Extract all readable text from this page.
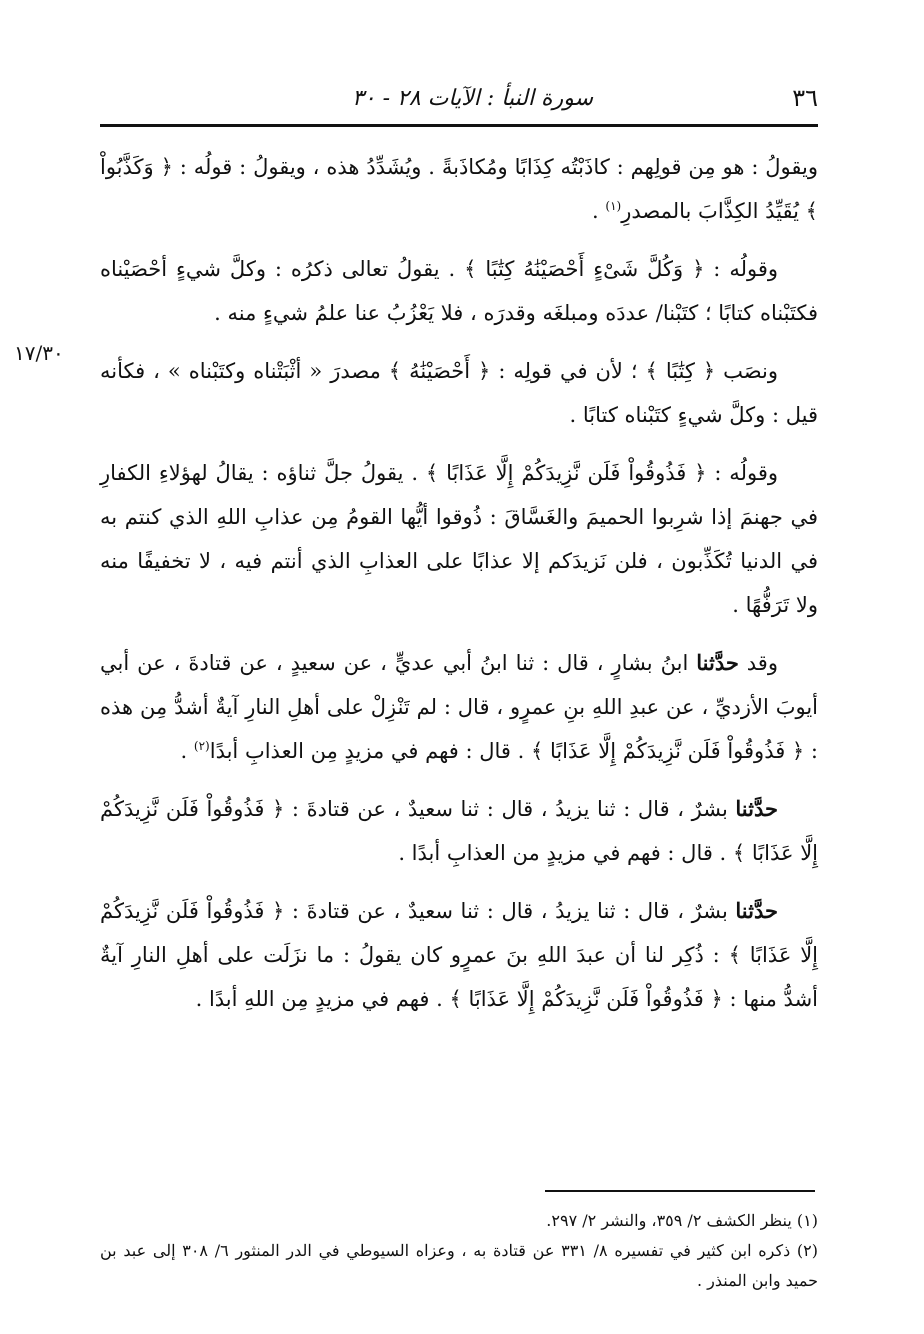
٣٦
سورة النبأ : الآيات ٢٨ - ٣٠
١٧/٣٠

ويقولُ : هو مِن قولِهم : كاذَبْتُه كِذَابًا ومُكاذَبةً . ويُشَدِّدُ هذه ، ويقولُ : قولُه : ﴿ وَكَذَّبُواْ ﴾ يُقَيِّدُ الكِذَّابَ بالمصدرِ$^{(١)}$ .

وقولُه : ﴿ وَكُلَّ شَىْءٍ أَحْصَيْنَٰهُ كِتَٰبًا ﴾ . يقولُ تعالى ذكرُه : وكلَّ شيءٍ أحْصَيْناه فكتَبْناه كتابًا ؛ كتَبْنا/ عددَه ومبلغَه وقدرَه ، فلا يَعْزُبُ عنا علمُ شيءٍ منه .

ونصَب ﴿ كِتَٰبًا ﴾ ؛ لأن في قولِه : ﴿ أَحْصَيْنَٰهُ ﴾ مصدرَ « أثْبَتْناه وكتَبْناه » ، فكأنه قيل : وكلَّ شيءٍ كتَبْناه كتابًا .

وقولُه : ﴿ فَذُوقُواْ فَلَن نَّزِيدَكُمْ إِلَّا عَذَابًا ﴾ . يقولُ جلَّ ثناؤه : يقالُ لهؤلاءِ الكفارِ في جهنمَ إذا شرِبوا الحميمَ والغَسَّاقَ : ذُوقوا أيُّها القومُ مِن عذابِ اللهِ الذي كنتم به في الدنيا تُكَذِّبون ، فلن نَزيدَكم إلا عذابًا على العذابِ الذي أنتم فيه ، لا تخفيفًا منه ولا تَرَفُّهًا .

وقد حدَّثنا ابنُ بشارٍ ، قال : ثنا ابنُ أبي عديٍّ ، عن سعيدٍ ، عن قتادةَ ، عن أبي أيوبَ الأزديِّ ، عن عبدِ اللهِ بنِ عمرٍو ، قال : لم تَنْزِلْ على أهلِ النارِ آيةٌ أشدُّ مِن هذه : ﴿ فَذُوقُواْ فَلَن نَّزِيدَكُمْ إِلَّا عَذَابًا ﴾ . قال : فهم في مزيدٍ مِن العذابِ أبدًا$^{(٢)}$ .

حدَّثنا بشرٌ ، قال : ثنا يزيدُ ، قال : ثنا سعيدٌ ، عن قتادةَ : ﴿ فَذُوقُواْ فَلَن نَّزِيدَكُمْ إِلَّا عَذَابًا ﴾ . قال : فهم في مزيدٍ من العذابِ أبدًا .

حدَّثنا بشرٌ ، قال : ثنا يزيدُ ، قال : ثنا سعيدٌ ، عن قتادةَ : ﴿ فَذُوقُواْ فَلَن نَّزِيدَكُمْ إِلَّا عَذَابًا ﴾ : ذُكِر لنا أن عبدَ اللهِ بنَ عمرٍو كان يقولُ : ما نزَلَت على أهلِ النارِ آيةٌ أشدُّ منها : ﴿ فَذُوقُواْ فَلَن نَّزِيدَكُمْ إِلَّا عَذَابًا ﴾ . فهم في مزيدٍ مِن اللهِ أبدًا .

(١) ينظر الكشف ٢/ ٣٥٩، والنشر ٢/ ٢٩٧.

(٢) ذكره ابن كثير في تفسيره ٨/ ٣٣١ عن قتادة به ، وعزاه السيوطي في الدر المنثور ٦/ ٣٠٨ إلى عبد بن حميد وابن المنذر .
